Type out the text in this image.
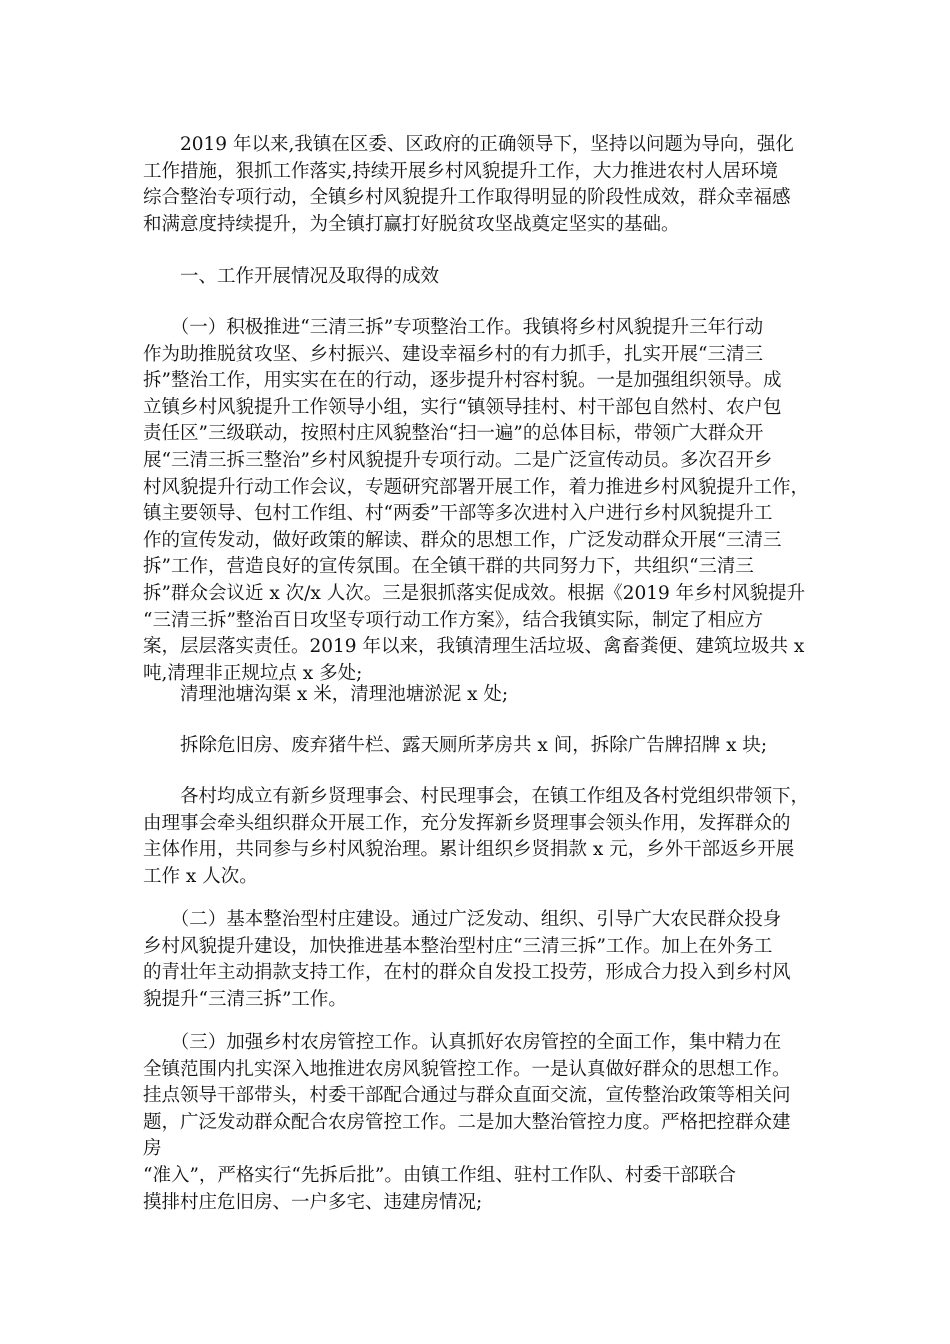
　　2019 年以来,我镇在区委、区政府的正确领导下，坚持以问题为导向，强化
工作措施，狠抓工作落实,持续开展乡村风貌提升工作，大力推进农村人居环境
综合整治专项行动，全镇乡村风貌提升工作取得明显的阶段性成效，群众幸福感
和满意度持续提升，为全镇打赢打好脱贫攻坚战奠定坚实的基础。
　　一、工作开展情况及取得的成效
　　（一）积极推进“三清三拆”专项整治工作。我镇将乡村风貌提升三年行动
作为助推脱贫攻坚、乡村振兴、建设幸福乡村的有力抓手，扎实开展“三清三
拆”整治工作，用实实在在的行动，逐步提升村容村貌。一是加强组织领导。成
立镇乡村风貌提升工作领导小组，实行“镇领导挂村、村干部包自然村、农户包
责任区”三级联动，按照村庄风貌整治“扫一遍”的总体目标，带领广大群众开
展“三清三拆三整治”乡村风貌提升专项行动。二是广泛宣传动员。多次召开乡
村风貌提升行动工作会议，专题研究部署开展工作，着力推进乡村风貌提升工作，
镇主要领导、包村工作组、村“两委”干部等多次进村入户进行乡村风貌提升工
作的宣传发动，做好政策的解读、群众的思想工作，广泛发动群众开展“三清三
拆”工作，营造良好的宣传氛围。在全镇干群的共同努力下，共组织“三清三
拆”群众会议近 x 次/x 人次。三是狠抓落实促成效。根据《2019 年乡村风貌提升
“三清三拆”整治百日攻坚专项行动工作方案》，结合我镇实际，制定了相应方
案，层层落实责任。2019 年以来，我镇清理生活垃圾、禽畜粪便、建筑垃圾共 x
吨,清理非正规垃点 x 多处;
　　清理池塘沟渠 x 米，清理池塘淤泥 x 处;
　　拆除危旧房、废弃猪牛栏、露天厕所茅房共 x 间，拆除广告牌招牌 x 块;
　　各村均成立有新乡贤理事会、村民理事会，在镇工作组及各村党组织带领下，
由理事会牵头组织群众开展工作，充分发挥新乡贤理事会领头作用，发挥群众的
主体作用，共同参与乡村风貌治理。累计组织乡贤捐款 x 元，乡外干部返乡开展
工作 x 人次。
　　（二）基本整治型村庄建设。通过广泛发动、组织、引导广大农民群众投身
乡村风貌提升建设，加快推进基本整治型村庄“三清三拆”工作。加上在外务工
的青壮年主动捐款支持工作，在村的群众自发投工投劳，形成合力投入到乡村风
貌提升“三清三拆”工作。
　　（三）加强乡村农房管控工作。认真抓好农房管控的全面工作，集中精力在
全镇范围内扎实深入地推进农房风貌管控工作。一是认真做好群众的思想工作。
挂点领导干部带头，村委干部配合通过与群众直面交流，宣传整治政策等相关问
题，广泛发动群众配合农房管控工作。二是加大整治管控力度。严格把控群众建
房
“准入”，严格实行“先拆后批”。由镇工作组、驻村工作队、村委干部联合
摸排村庄危旧房、一户多宅、违建房情况;
